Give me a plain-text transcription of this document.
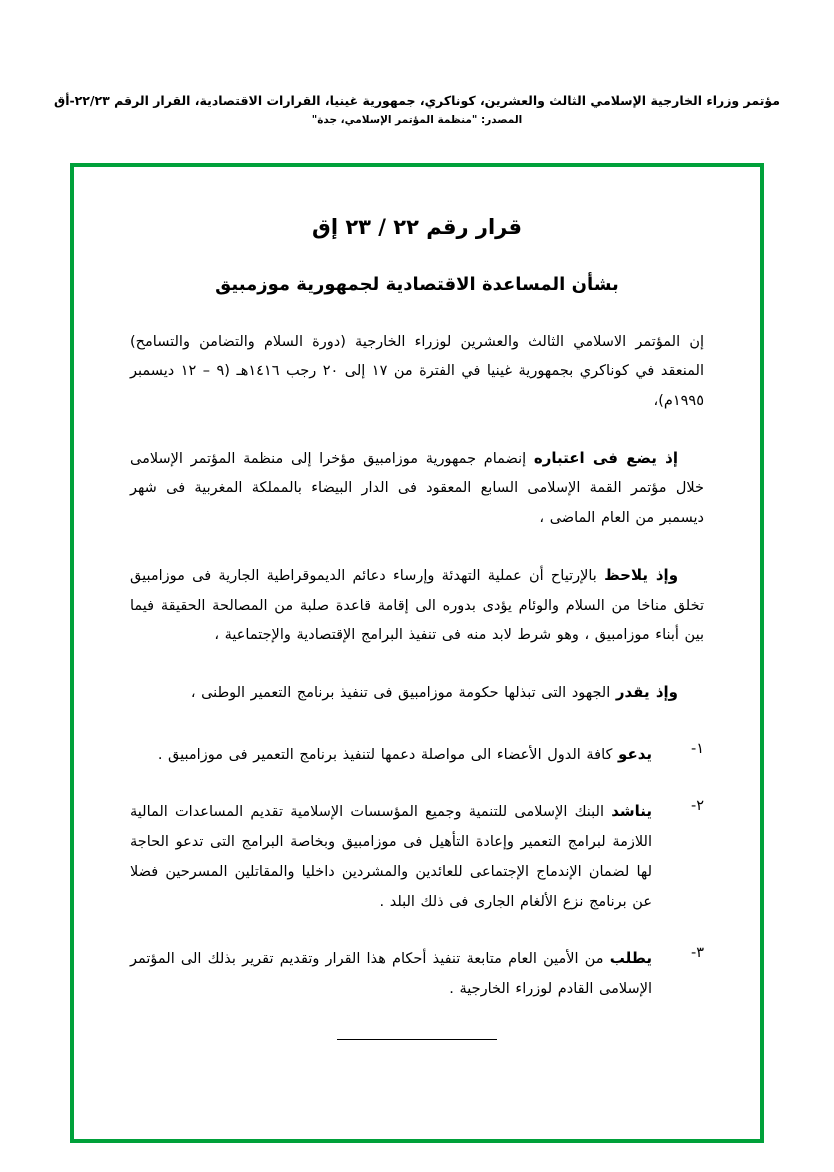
مؤتمر وزراء الخارجية الإسلامي الثالث والعشرين، كوناكري، جمهورية غينيا، القرارات الاقتصادية، القرار الرقم ٢٢/٢٣-أق
المصدر: "منظمة المؤتمر الإسلامي، جدة"
قرار رقم ٢٢ / ٢٣ إق
بشأن المساعدة الاقتصادية لجمهورية موزمبيق
إن المؤتمر الاسلامي الثالث والعشرين لوزراء الخارجية (دورة السلام والتضامن والتسامح) المنعقد في كوناكري بجمهورية غينيا في الفترة من ١٧ إلى ٢٠ رجب ١٤١٦هـ (٩ – ١٢ ديسمبر ١٩٩٥م)،
إذ يضع فى اعتباره إنضمام جمهورية موزامبيق مؤخرا إلى منظمة المؤتمر الإسلامى خلال مؤتمر القمة الإسلامى السابع المعقود فى الدار البيضاء بالمملكة المغربية فى شهر ديسمبر من العام الماضى ،
وإذ يلاحظ بالإرتياح أن عملية التهدئة وإرساء دعائم الديموقراطية الجارية فى موزامبيق تخلق مناخا من السلام والوئام يؤدى بدوره الى إقامة قاعدة صلبة من المصالحة الحقيقة فيما بين أبناء موزامبيق ، وهو شرط لابد منه فى تنفيذ البرامج الإقتصادية والإجتماعية ،
وإذ يقدر الجهود التى تبذلها حكومة موزامبيق فى تنفيذ برنامج التعمير الوطنى ،
١-
يدعو كافة الدول الأعضاء الى مواصلة دعمها لتنفيذ برنامج التعمير فى موزامبيق .
٢-
يناشد البنك الإسلامى للتنمية وجميع المؤسسات الإسلامية تقديم المساعدات المالية اللازمة لبرامج التعمير وإعادة التأهيل فى موزامبيق وبخاصة البرامج التى تدعو الحاجة لها لضمان الإندماج الإجتماعى للعائدين والمشردين داخليا والمقاتلين المسرحين فضلا عن برنامج نزع الألغام الجارى فى ذلك البلد .
٣-
يطلب من الأمين العام متابعة تنفيذ أحكام هذا القرار وتقديم تقرير بذلك الى المؤتمر الإسلامى القادم لوزراء الخارجية .
